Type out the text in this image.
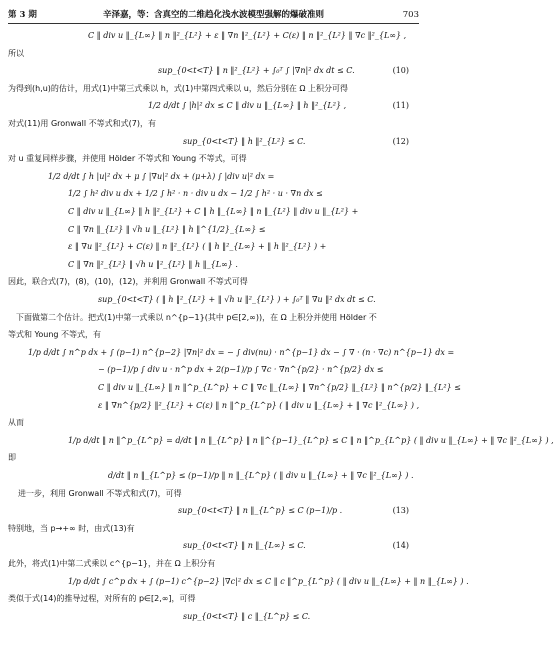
第 3 期	辛泽嘉，等：含真空的二维趋化浅水波模型强解的爆破准则	703
C ‖ div u ‖_{L∞} ‖ n ‖²_{L²} + ε ‖ ∇n ‖²_{L²} + C(ε) ‖ n ‖²_{L²} ‖ ∇c ‖²_{L∞} ,
所以
sup_{0<t<T} ‖ n ‖²_{L²} + ∫₀ᵀ ∫ |∇n|² dx dt ≤ C.	(10)
为得到(h,u)的估计，用式(1)中第三式乘以 h，式(1)中第四式乘以 u，然后分别在 Ω 上积分可得
1/2 d/dt ∫ |h|² dx ≤ C ‖ div u ‖_{L∞} ‖ h ‖²_{L²} ,	(11)
对式(11)用 Gronwall 不等式和式(7)，有
sup_{0<t<T} ‖ h ‖²_{L²} ≤ C.	(12)
对 u 重复同样步骤，并使用 Hölder 不等式和 Young 不等式，可得
1/2 d/dt ∫ h |u|² dx + μ ∫ |∇u|² dx + (μ+λ) ∫ |div u|² dx =
1/2 ∫ h² div u dx + 1/2 ∫ h² · n · div u dx − 1/2 ∫ h² · u · ∇n dx ≤
C ‖ div u ‖_{L∞} ‖ h ‖²_{L²} + C ‖ h ‖_{L∞} ‖ n ‖_{L²} ‖ div u ‖_{L²} +
C ‖ ∇n ‖_{L²} ‖ √h u ‖_{L²} ‖ h ‖^{1/2}_{L∞} ≤
ε ‖ ∇u ‖²_{L²} + C(ε) ‖ n ‖²_{L²} ( ‖ h ‖²_{L∞} + ‖ h ‖²_{L²} ) +
C ‖ ∇n ‖²_{L²} ‖ √h u ‖²_{L²} ‖ h ‖_{L∞} .
因此，联合式(7)，(8)，(10)，(12)，并利用 Gronwall 不等式可得
sup_{0<t<T} ( ‖ h ‖²_{L²} + ‖ √h u ‖²_{L²} ) + ∫₀ᵀ ‖ ∇u ‖² dx dt ≤ C.
　下面做第二个估计。把式(1)中第一式乘以 n^{p−1}(其中 p∈[2,∞))，在 Ω 上积分并使用 Hölder 不
等式和 Young 不等式，有
1/p d/dt ∫ n^p dx + ∫ (p−1) n^{p−2} |∇n|² dx = − ∫ div(nu) · n^{p−1} dx − ∫ ∇ · (n · ∇c) n^{p−1} dx =
− (p−1)/p ∫ div u · n^p dx + 2(p−1)/p ∫ ∇c · ∇n^{p/2} · n^{p/2} dx ≤
C ‖ div u ‖_{L∞} ‖ n ‖^p_{L^p} + C ‖ ∇c ‖_{L∞} ‖ ∇n^{p/2} ‖_{L²} ‖ n^{p/2} ‖_{L²} ≤
ε ‖ ∇n^{p/2} ‖²_{L²} + C(ε) ‖ n ‖^p_{L^p} ( ‖ div u ‖_{L∞} + ‖ ∇c ‖²_{L∞} ) ,
从而
1/p d/dt ‖ n ‖^p_{L^p} = d/dt ‖ n ‖_{L^p} ‖ n ‖^{p−1}_{L^p} ≤ C ‖ n ‖^p_{L^p} ( ‖ div u ‖_{L∞} + ‖ ∇c ‖²_{L∞} ) ,
即
d/dt ‖ n ‖_{L^p} ≤ (p−1)/p ‖ n ‖_{L^p} ( ‖ div u ‖_{L∞} + ‖ ∇c ‖²_{L∞} ) .
进一步，利用 Gronwall 不等式和式(7)，可得
sup_{0<t<T} ‖ n ‖_{L^p} ≤ C (p−1)/p .	(13)
特别地，当 p→+∞ 时，由式(13)有
sup_{0<t<T} ‖ n ‖_{L∞} ≤ C.	(14)
此外，将式(1)中第二式乘以 c^{p−1}，并在 Ω 上积分有
1/p d/dt ∫ c^p dx + ∫ (p−1) c^{p−2} |∇c|² dx ≤ C ‖ c ‖^p_{L^p} ( ‖ div u ‖_{L∞} + ‖ n ‖_{L∞} ) .
类似于式(14)的推导过程，对所有的 p∈[2,∞]，可得
sup_{0<t<T} ‖ c ‖_{L^p} ≤ C.
